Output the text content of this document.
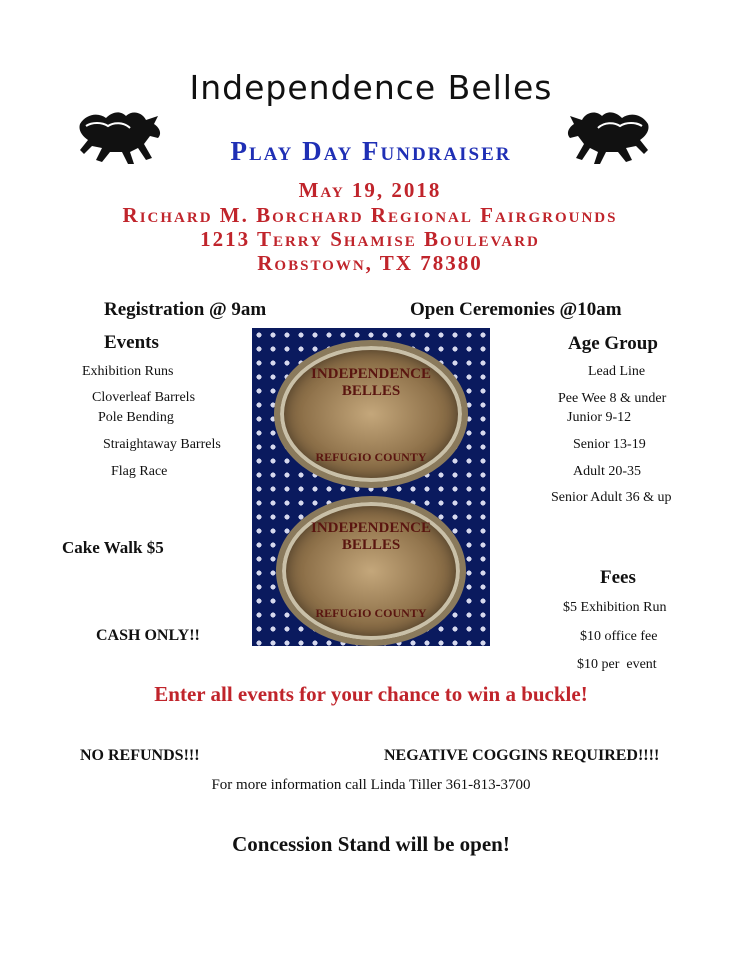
Independence Belles
Play Day Fundraiser
May 19, 2018
Richard M. Borchard Regional Fairgrounds
1213 Terry Shamise Boulevard
Robstown, TX 78380
Registration @ 9am	Open Ceremonies @10am
Events
Exhibition Runs
Cloverleaf Barrels
Pole Bending
Straightaway Barrels
Flag Race
Cake Walk $5
CASH ONLY!!
INDEPENDENCE BELLES
REFUGIO COUNTY
INDEPENDENCE BELLES
REFUGIO COUNTY
Age Group
Lead Line
Pee Wee 8 & under
Junior 9-12
Senior 13-19
Adult 20-35
Senior Adult 36 & up
Fees
$5 Exhibition Run
$10 office fee
$10 per  event
Enter all events for your chance to win a buckle!
NO REFUNDS!!!	NEGATIVE COGGINS REQUIRED!!!!
For more information call Linda Tiller 361-813-3700
Concession Stand will be open!
